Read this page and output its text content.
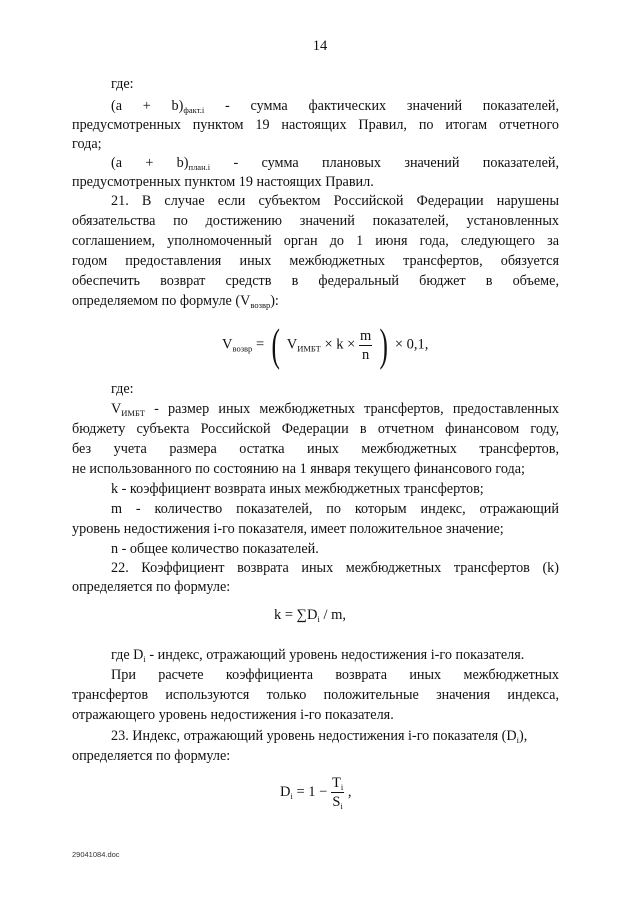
14
где:
$(a + b)_{факт.i}$ - сумма фактических значений показателей,
предусмотренных пунктом 19 настоящих Правил, по итогам отчетного
года;
$(a + b)_{план.i}$ - сумма плановых значений показателей,
предусмотренных пунктом 19 настоящих Правил.
21. В случае если субъектом Российской Федерации нарушены
обязательства по достижению значений показателей, установленных
соглашением, уполномоченный орган до 1 июня года, следующего за
годом предоставления иных межбюджетных трансфертов, обязуется
обеспечить возврат средств в федеральный бюджет в объеме,
определяемом по формуле $(V_{возвр})$:
$V_{возвр}$ = ( $V_{ИМБТ} \times k \times \frac{m}{n}$ ) × 0,1,
где:
$V_{ИМБТ}$ - размер иных межбюджетных трансфертов, предоставленных
бюджету субъекта Российской Федерации в отчетном финансовом году,
без учета размера остатка иных межбюджетных трансфертов,
не использованного по состоянию на 1 января текущего финансового года;
k - коэффициент возврата иных межбюджетных трансфертов;
m - количество показателей, по которым индекс, отражающий
уровень недостижения i-го показателя, имеет положительное значение;
n - общее количество показателей.
22. Коэффициент возврата иных межбюджетных трансфертов (k)
определяется по формуле:
$k = \sum D_i / m$,
где $D_i$ - индекс, отражающий уровень недостижения i-го показателя.
При расчете коэффициента возврата иных межбюджетных
трансфертов используются только положительные значения индекса,
отражающего уровень недостижения i-го показателя.
23. Индекс, отражающий уровень недостижения i-го показателя $(D_i)$,
определяется по формуле:
$D_i = 1 - \frac{T_i}{S_i}$ ,
29041084.doc
